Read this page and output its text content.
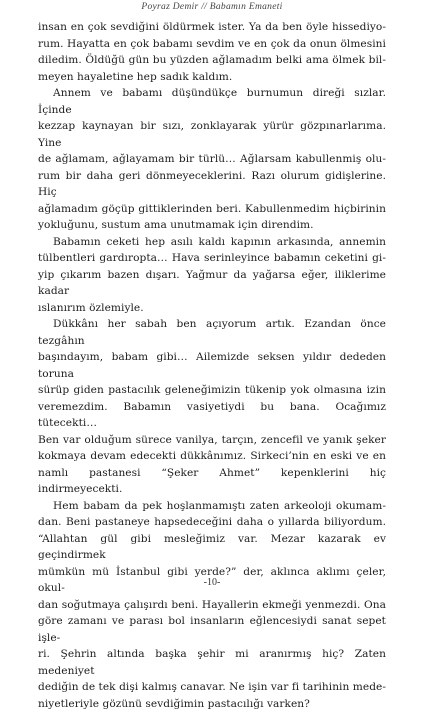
Poyraz Demir // Babamın Emaneti

insan en çok sevdiğini öldürmek ister. Ya da ben öyle hissediyo-
rum. Hayatta en çok babamı sevdim ve en çok da onun ölmesini
diledim. Öldüğü gün bu yüzden ağlamadım belki ama ölmek bil-
meyen hayaletine hep sadık kaldım.

Annem ve babamı düşündükçe burnumun direği sızlar. İçinde
kezzap kaynayan bir sızı, zonklayarak yürür gözpınarlarıma. Yine
de ağlamam, ağlayamam bir türlü… Ağlarsam kabullenmiş olu-
rum bir daha geri dönmeyeceklerini. Razı olurum gidişlerine. Hiç
ağlamadım göçüp gittiklerinden beri. Kabullenmedim hiçbirinin
yokluğunu, sustum ama unutmamak için direndim.

Babamın ceketi hep asılı kaldı kapının arkasında, annemin
tülbentleri gardıropta… Hava serinleyince babamın ceketini gi-
yip çıkarım bazen dışarı. Yağmur da yağarsa eğer, iliklerime kadar
ıslanırım özlemiyle.

Dükkânı her sabah ben açıyorum artık. Ezandan önce tezgâhın
başındayım, babam gibi… Ailemizde seksen yıldır dededen toruna
sürüp giden pastacılık geleneğimizin tükenip yok olmasına izin
veremezdim. Babamın vasiyetiydi bu bana. Ocağımız tütecekti…
Ben var olduğum sürece vanilya, tarçın, zencefil ve yanık şeker
kokmaya devam edecekti dükkânımız. Sirkeci’nin en eski ve en
namlı pastanesi “Şeker Ahmet” kepenklerini hiç indirmeyecekti.

Hem babam da pek hoşlanmamıştı zaten arkeoloji okumam-
dan. Beni pastaneye hapsedeceğini daha o yıllarda biliyordum.
“Allahtan gül gibi mesleğimiz var. Mezar kazarak ev geçindirmek
mümkün mü İstanbul gibi yerde?” der, aklınca aklımı çeler, okul-
dan soğutmaya çalışırdı beni. Hayallerin ekmeği yenmezdi. Ona
göre zamanı ve parası bol insanların eğlencesiydi sanat sepet işle-
ri. Şehrin altında başka şehir mi aranırmış hiç? Zaten medeniyet
dediğin de tek dişi kalmış canavar. Ne işin var fi tarihinin mede-
niyetleriyle gözünü sevdiğimin pastacılığı varken?

-10-
